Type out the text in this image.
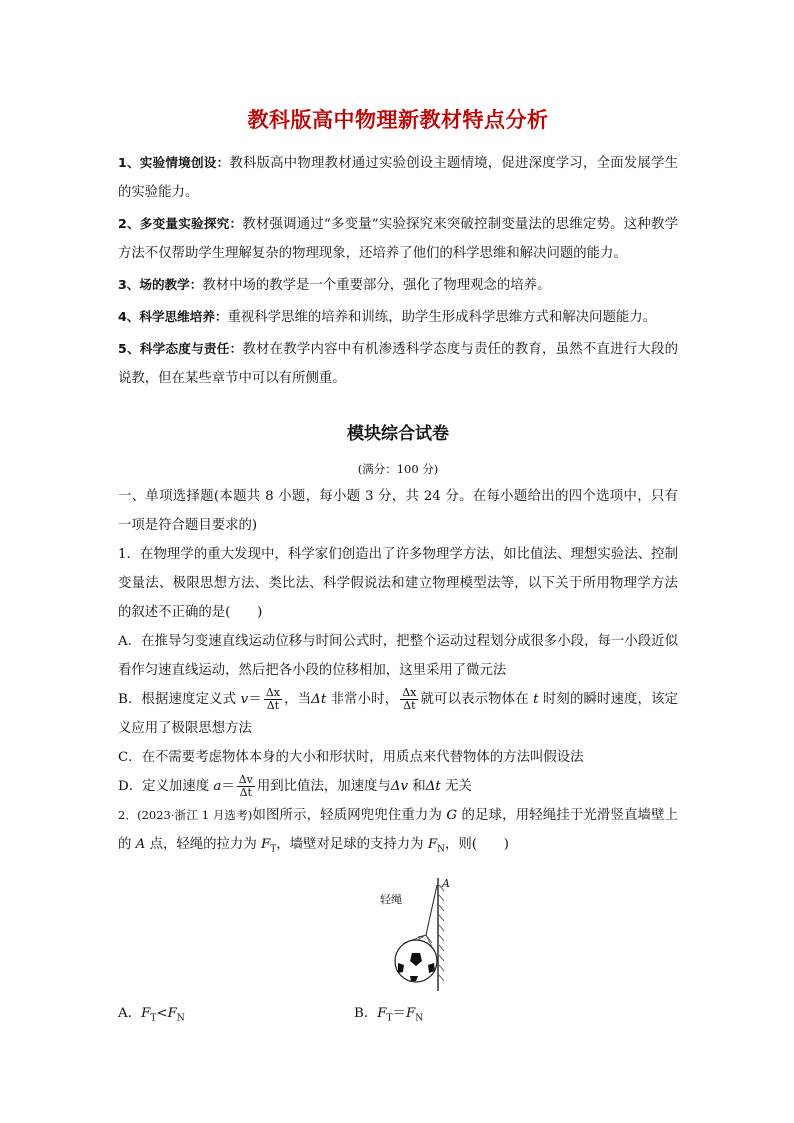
教科版高中物理新教材特点分析

1、实验情境创设：教科版高中物理教材通过实验创设主题情境，促进深度学习，全面发展学生的实验能力。

2、多变量实验探究：教材强调通过“多变量”实验探究来突破控制变量法的思维定势。这种教学方法不仅帮助学生理解复杂的物理现象，还培养了他们的科学思维和解决问题的能力。

3、场的教学：教材中场的教学是一个重要部分，强化了物理观念的培养。

4、科学思维培养：重视科学思维的培养和训练，助学生形成科学思维方式和解决问题能力。

5、科学态度与责任：教材在教学内容中有机渗透科学态度与责任的教育，虽然不直进行大段的说教，但在某些章节中可以有所侧重。

模块综合试卷
(满分：100 分)

一、单项选择题(本题共 8 小题，每小题 3 分，共 24 分。在每小题给出的四个选项中，只有一项是符合题目要求的)

1．在物理学的重大发现中，科学家们创造出了许多物理学方法，如比值法、理想实验法、控制变量法、极限思想方法、类比法、科学假说法和建立物理模型法等，以下关于所用物理学方法的叙述不正确的是(　　)

A．在推导匀变速直线运动位移与时间公式时，把整个运动过程划分成很多小段，每一小段近似看作匀速直线运动，然后把各小段的位移相加，这里采用了微元法

B．根据速度定义式 $v= \frac{\Delta x}{\Delta t}$ ，当Δt 非常小时， $\frac{\Delta x}{\Delta t}$ 就可以表示物体在 t 时刻的瞬时速度，该定义应用了极限思想方法

C．在不需要考虑物体本身的大小和形状时，用质点来代替物体的方法叫假设法

D．定义加速度 $a= \frac{\Delta v}{\Delta t}$ 用到比值法，加速度与Δv 和Δt 无关

2．(2023·浙江 1 月选考)如图所示，轻质网兜兜住重力为 G 的足球，用轻绳挂于光滑竖直墙壁上的 A 点，轻绳的拉力为 $F_T$，墙壁对足球的支持力为 $F_N$，则(　　)

轻绳
A
A．$F_T<F_N$	B．$F_T=F_N$
